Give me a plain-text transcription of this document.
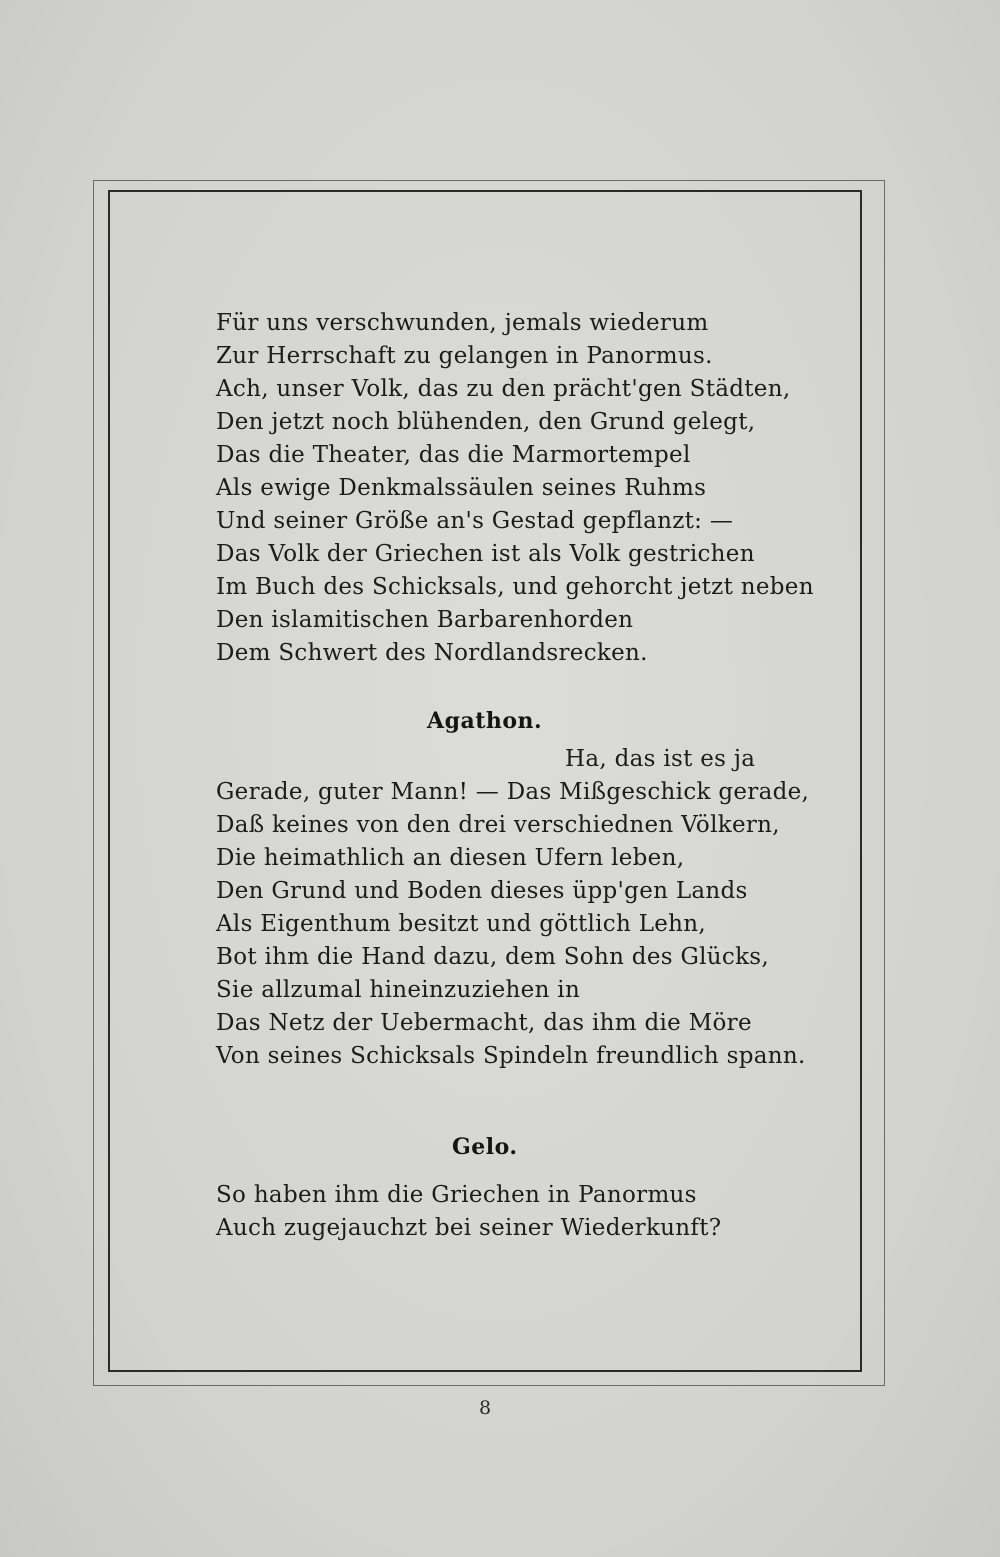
Für uns verschwunden, jemals wiederum
Zur Herrschaft zu gelangen in Panormus.
Ach, unser Volk, das zu den prächt'gen Städten,
Den jetzt noch blühenden, den Grund gelegt,
Das die Theater, das die Marmortempel
Als ewige Denkmalssäulen seines Ruhms
Und seiner Größe an's Gestad gepflanzt: —
Das Volk der Griechen ist als Volk gestrichen
Im Buch des Schicksals, und gehorcht jetzt neben
Den islamitischen Barbarenhorden
Dem Schwert des Nordlandsrecken.
Agathon.
Ha, das ist es ja
Gerade, guter Mann! — Das Mißgeschick gerade,
Daß keines von den drei verschiednen Völkern,
Die heimathlich an diesen Ufern leben,
Den Grund und Boden dieses üpp'gen Lands
Als Eigenthum besitzt und göttlich Lehn,
Bot ihm die Hand dazu, dem Sohn des Glücks,
Sie allzumal hineinzuziehen in
Das Netz der Uebermacht, das ihm die Möre
Von seines Schicksals Spindeln freundlich spann.
Gelo.
So haben ihm die Griechen in Panormus
Auch zugejauchzt bei seiner Wiederkunft?
8
